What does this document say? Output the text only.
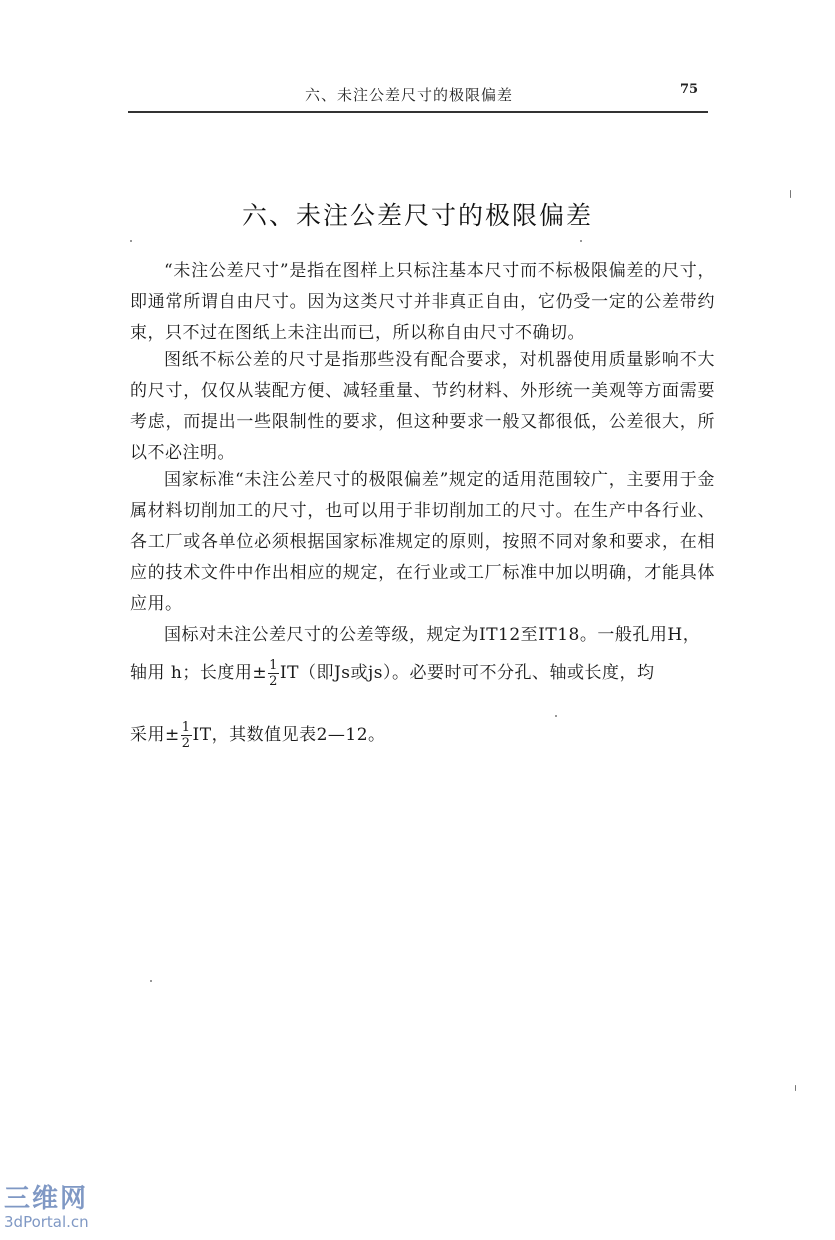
六、未注公差尺寸的极限偏差	75
六、未注公差尺寸的极限偏差

“未注公差尺寸”是指在图样上只标注基本尺寸而不标极限偏差的尺寸，即通常所谓自由尺寸。因为这类尺寸并非真正自由，它仍受一定的公差带约束，只不过在图纸上未注出而已，所以称自由尺寸不确切。

图纸不标公差的尺寸是指那些没有配合要求，对机器使用质量影响不大的尺寸，仅仅从装配方便、减轻重量、节约材料、外形统一美观等方面需要考虑，而提出一些限制性的要求，但这种要求一般又都很低，公差很大，所以不必注明。

国家标准“未注公差尺寸的极限偏差”规定的适用范围较广，主要用于金属材料切削加工的尺寸，也可以用于非切削加工的尺寸。在生产中各行业、各工厂或各单位必须根据国家标准规定的原则，按照不同对象和要求，在相应的技术文件中作出相应的规定，在行业或工厂标准中加以明确，才能具体应用。

国标对未注公差尺寸的公差等级，规定为IT12至IT18。一般孔用H，
轴用 h；长度用± $\frac{1}{2} IT$（即Js或js）。必要时可不分孔、轴或长度，均
采用± $\frac{1}{2}$ IT，其数值见表2—12。
三维网
3dPortal.cn
